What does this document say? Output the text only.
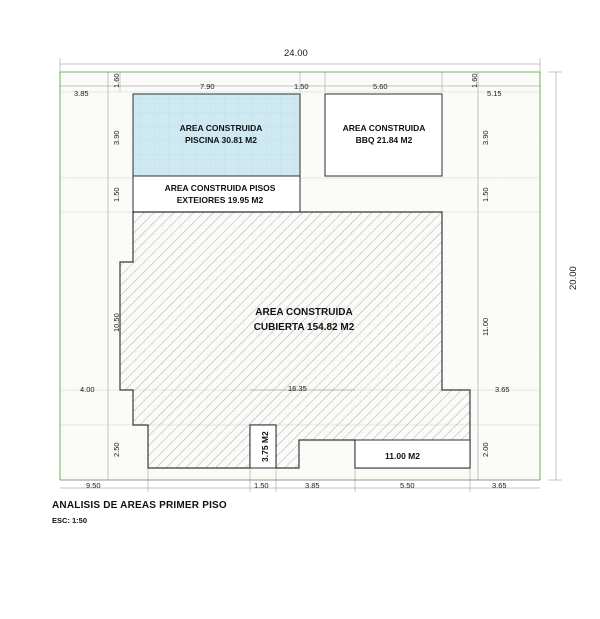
24.00
20.00
1.60	7.90	1.50	5.60	1.60
3.85	5.15
3.90
1.50
10.50
4.00
2.50
3.90
1.50
11.00
3.65
2.00
16.35
9.50	1.50	3.85	5.50	3.65
AREA CONSTRUIDA
PISCINA 30.81 M2
AREA CONSTRUIDA
BBQ 21.84 M2
AREA CONSTRUIDA PISOS
EXTEIORES 19.95 M2
AREA CONSTRUIDA
CUBIERTA 154.82 M2
3.75 M2	11.00 M2
ANALISIS DE AREAS PRIMER PISO
ESC: 1:50
